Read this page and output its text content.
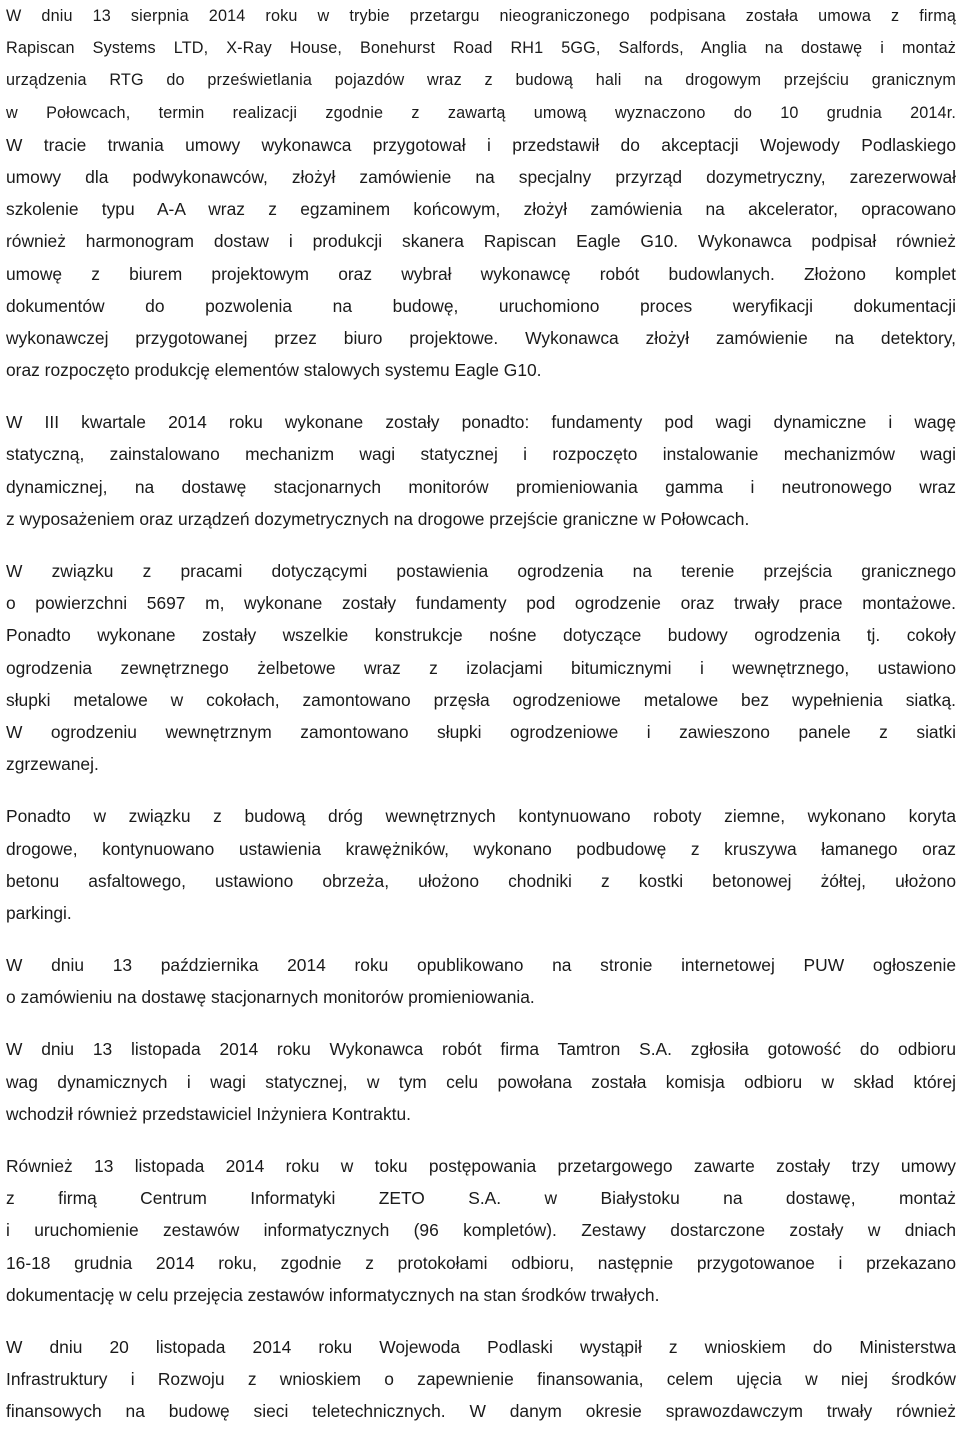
W dniu 13 sierpnia 2014 roku w trybie przetargu nieograniczonego podpisana została umowa z firmą
Rapiscan Systems LTD, X-Ray House, Bonehurst Road RH1 5GG, Salfords, Anglia na dostawę i montaż
urządzenia RTG do prześwietlania pojazdów wraz z budową hali na drogowym przejściu granicznym
w Połowcach, termin realizacji zgodnie z zawartą umową wyznaczono do 10 grudnia 2014r.
W tracie trwania umowy wykonawca przygotował i przedstawił do akceptacji Wojewody Podlaskiego
umowy dla podwykonawców, złożył zamówienie na specjalny przyrząd dozymetryczny, zarezerwował
szkolenie typu A-A wraz z egzaminem końcowym, złożył zamówienia na akcelerator, opracowano
również harmonogram dostaw i produkcji skanera Rapiscan Eagle G10. Wykonawca podpisał również
umowę z biurem projektowym oraz wybrał wykonawcę robót budowlanych. Złożono komplet
dokumentów do pozwolenia na budowę, uruchomiono proces weryfikacji dokumentacji
wykonawczej przygotowanej przez biuro projektowe. Wykonawca złożył zamówienie na detektory,
oraz rozpoczęto produkcję elementów stalowych systemu Eagle G10.
W III kwartale 2014 roku wykonane zostały ponadto: fundamenty pod wagi dynamiczne i wagę
statyczną, zainstalowano mechanizm wagi statycznej i rozpoczęto instalowanie mechanizmów wagi
dynamicznej, na dostawę stacjonarnych monitorów promieniowania gamma i neutronowego wraz
z wyposażeniem oraz urządzeń dozymetrycznych na drogowe przejście graniczne w Połowcach.
W związku z pracami dotyczącymi postawienia ogrodzenia na terenie przejścia granicznego
o powierzchni 5697 m, wykonane zostały fundamenty pod ogrodzenie oraz trwały prace montażowe.
Ponadto wykonane zostały wszelkie konstrukcje nośne dotyczące budowy ogrodzenia tj. cokoły
ogrodzenia zewnętrznego żelbetowe wraz z izolacjami bitumicznymi i wewnętrznego, ustawiono
słupki metalowe w cokołach, zamontowano przęsła ogrodzeniowe metalowe bez wypełnienia siatką.
W ogrodzeniu wewnętrznym zamontowano słupki ogrodzeniowe i zawieszono panele z siatki
zgrzewanej.
Ponadto w związku z budową dróg wewnętrznych kontynuowano roboty ziemne, wykonano koryta
drogowe, kontynuowano ustawienia krawężników, wykonano podbudowę z kruszywa łamanego oraz
betonu asfaltowego, ustawiono obrzeża, ułożono chodniki z kostki betonowej żółtej, ułożono
parkingi.
W dniu 13 października 2014 roku opublikowano na stronie internetowej PUW ogłoszenie
o zamówieniu na dostawę stacjonarnych monitorów promieniowania.
W dniu 13 listopada 2014 roku Wykonawca robót firma Tamtron S.A. zgłosiła gotowość do odbioru
wag dynamicznych i wagi statycznej, w tym celu powołana została komisja odbioru w skład której
wchodził również przedstawiciel Inżyniera Kontraktu.
Również 13 listopada 2014 roku w toku postępowania przetargowego zawarte zostały trzy umowy
z firmą Centrum Informatyki ZETO S.A. w Białystoku na dostawę, montaż
i uruchomienie zestawów informatycznych (96 kompletów). Zestawy dostarczone zostały w dniach
16-18 grudnia 2014 roku, zgodnie z protokołami odbioru, następnie przygotowanoe i przekazano
dokumentację w celu przejęcia zestawów informatycznych na stan środków trwałych.
W dniu 20 listopada 2014 roku Wojewoda Podlaski wystąpił z wnioskiem do Ministerstwa
Infrastruktury i Rozwoju z wnioskiem o zapewnienie finansowania, celem ujęcia w niej środków
finansowych na budowę sieci teletechnicznych. W danym okresie sprawozdawczym trwały również
